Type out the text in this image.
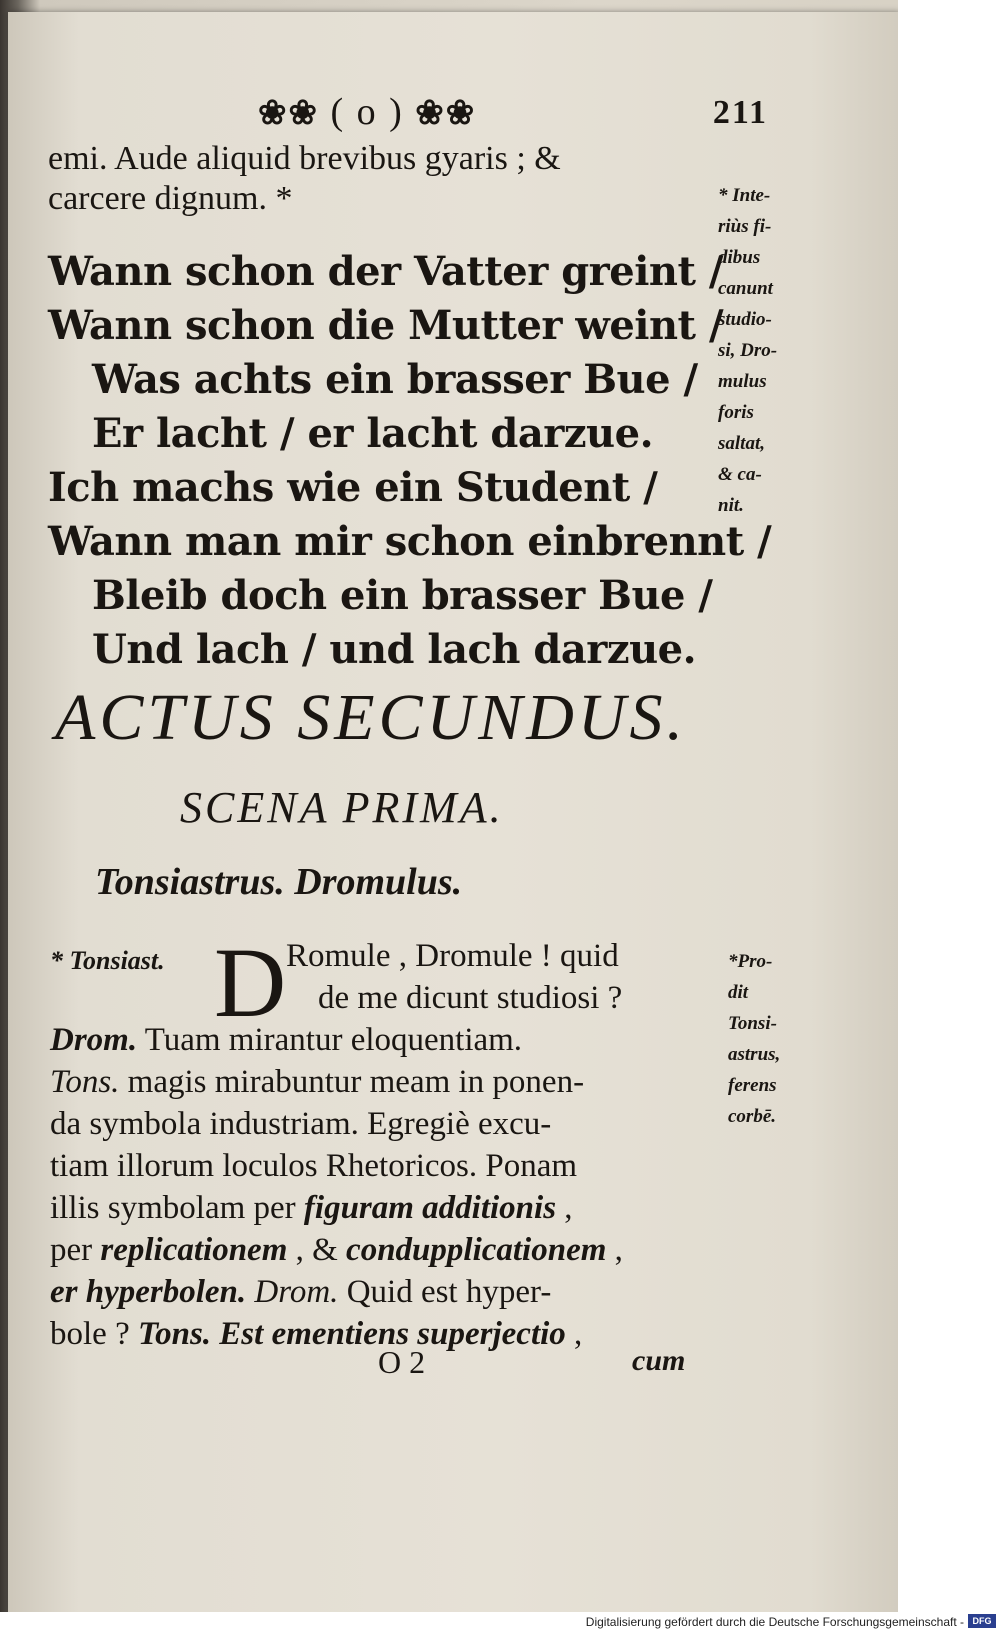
❀❀ ( o ) ❀❀	211
emi. Aude aliquid brevibus gyaris ; &
carcere dignum. *
Wann schon der Vatter greint /
Wann schon die Mutter weint /
Was achts ein brasser Bue /
Er lacht / er lacht darzue.
Ich machs wie ein Student /
Wann man mir schon einbrennt /
Bleib doch ein brasser Bue /
Und lach / und lach darzue.
* Inte-
riùs fi-
dibus
canunt
studio-
si, Dro-
mulus
foris
saltat,
& ca-
nit.
ACTUS SECUNDUS.
SCENA PRIMA.
Tonsiastrus. Dromulus.
* Tonsiast. D Romule , Dromule ! quid
de me dicunt studiosi ?
Drom. Tuam mirantur eloquentiam.
Tons. magis mirabuntur meam in ponen-
da symbola industriam. Egregiè excu-
tiam illorum loculos Rhetoricos. Ponam
illis symbolam per figuram additionis ,
per replicationem , & condupplicationem ,
er hyperbolen. Drom. Quid est hyper-
bole ? Tons. Est ementiens superjectio ,
*Pro-
dit
Tonsi-
astrus,
ferens
corbē.
O 2	cum
Digitalisierung gefördert durch die Deutsche Forschungsgemeinschaft - DFG
